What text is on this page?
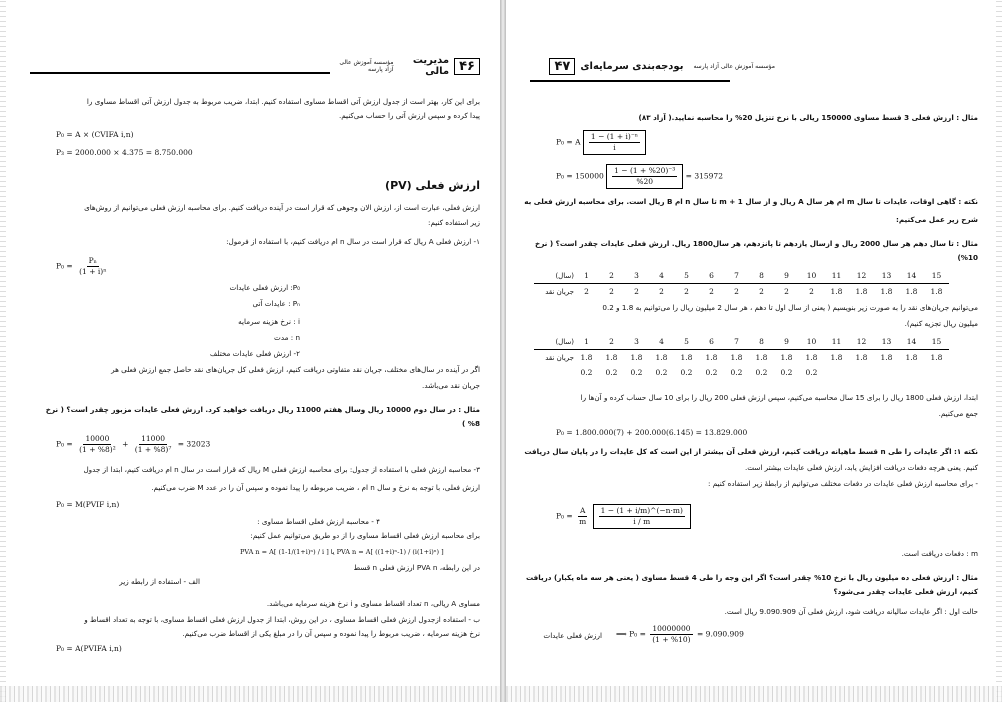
۴۶
مدیریت مالی
مؤسسه آموزش عالی آزاد پارسه
برای این کار، بهتر است از جدول ارزش آتی اقساط مساوی استفاده کنیم. ابتدا، ضریب مربوط به جدول ارزش آتی اقساط مساوی را
پیدا کرده و سپس ارزش آتی را حساب می‌کنیم.
P₀ = A × (CVIFA i,n)
P₃ = 2000.000 × 4.375 = 8.750.000
ارزش فعلی (PV)
ارزش فعلی، عبارت است از، ارزش الان وجوهی که قرار است در آینده دریافت کنیم. برای محاسبه ارزش فعلی می‌توانیم از روش‌های
زیر استفاده کنیم:
۱- ارزش فعلی A ریال که قرار است در سال n ام دریافت کنیم، با استفاده از فرمول:
$P_0 = \frac{\text{Pₙ}}{\text{(1 + i)ⁿ}}$
P₀: ارزش فعلی عایدات
Pₙ : عایدات آتی
i : نرخ هزینه سرمایه
n : مدت
۲- ارزش فعلی عایدات مختلف
اگر در آینده در سال‌های مختلف، جریان نقد متفاوتی دریافت کنیم، ارزش فعلی کل جریان‌های نقد حاصل جمع ارزش فعلی هر
جریان نقد می‌باشد.
مثال : در سال دوم 10000 ریال وسال هفتم 11000 ریال دریافت خواهید کرد. ارزش فعلی عایدات مزبور چقدر است؟ ( نرخ
%8 )
$P_0 = \frac{10000}{\text{(1 + \%8)²}} + \frac{11000}{\text{(1 + \%8)⁷}} = 32023$
۳- محاسبه ارزش فعلی با استفاده از جدول: برای محاسبه ارزش فعلی M ریال که قرار است در سال n ام دریافت کنیم، ابتدا از جدول
ارزش فعلی، با توجه به نرخ و سال n ام ، ضریب مربوطه را پیدا نموده و سپس آن را در عدد M ضرب می‌کنیم.
P₀ = M(PVIF i,n)
۴ - محاسبه ارزش فعلی اقساط مساوی :
برای محاسبه ارزش فعلی اقساط مساوی را از دو طریق می‌توانیم عمل کنیم:
در این رابطه، PVA n ارزش فعلی n قسط
PVA n = A[ (1-1/(1+i)ⁿ) / i ] یا PVA n = A[ ((1+i)ⁿ-1) / (i(1+i)ⁿ) ]
الف - استفاده از رابطه زیر
مساوی A ریالی، n تعداد اقساط مساوی و i نرخ هزینه سرمایه می‌باشد.
ب - استفاده ازجدول ارزش فعلی اقساط مساوی ، در این روش، ابتدا از جدول ارزش فعلی اقساط مساوی، با توجه به تعداد اقساط و
نرخ هزینه سرمایه ، ضریب مربوط را پیدا نموده و سپس آن را در مبلغ یکی از اقساط ضرب می‌کنیم.
P₀ = A(PVIFA i,n)
مؤسسه آموزش عالی آزاد پارسه
بودجه‌بندی سرمایه‌ای
۴۷
مثال : ارزش فعلی 3 قسط مساوی 150000 ریالی با نرخ تنزیل 20% را محاسبه نمایید.( آزاد ۸۳)
P₀ = A $\frac{\text{1 − (1 + i)⁻ⁿ}}{i}$
$P_0 = 150000 \frac{\text{1 − (1 + \%20)⁻³}}{\%20} = 315972$
نکته : گاهی اوقات، عایدات تا سال m ام هر سال A ریال و از سال m + 1 تا سال n ام B ریال است. برای محاسبه ارزش فعلی به
شرح زیر عمل می‌کنیم:
مثال : تا سال دهم هر سال 2000 ریال و ازسال یازدهم تا پانزدهم، هر سال1800 ریال. ارزش فعلی عایدات چقدر است؟ ( نرخ
%10)
(سال)	1	2	3	4	5	6	7	8	9	10	11	12	13	14	15
جریان نقد	2	2	2	2	2	2	2	2	2	2	1.8	1.8	1.8	1.8	1.8
می‌توانیم جریان‌های نقد را به صورت زیر بنویسیم ( یعنی از سال اول تا دهم ، هر سال 2 میلیون ریال را می‌توانیم به 1.8 و 0.2
میلیون ریال تجزیه کنیم).
(سال)	1	2	3	4	5	6	7	8	9	10	11	12	13	14	15
جریان نقد	1.8	1.8	1.8	1.8	1.8	1.8	1.8	1.8	1.8	1.8	1.8	1.8	1.8	1.8	1.8
	0.2	0.2	0.2	0.2	0.2	0.2	0.2	0.2	0.2	0.2					
ابتدا، ارزش فعلی 1800 ریال را برای 15 سال محاسبه می‌کنیم، سپس ارزش فعلی 200 ریال را برای 10 سال حساب کرده و آن‌ها را
جمع می‌کنیم.
P₀ = 1.800.000(7) + 200.000(6.145) = 13.829.000
نکته ۱: اگر عایدات را طی n قسط ماهیانه دریافت کنیم، ارزش فعلی آن بیشتر از این است که کل عایدات را در پایان سال دریافت
کنیم. یعنی هرچه دفعات دریافت افزایش یابد، ارزش فعلی عایدات بیشتر است.
- برای محاسبه ارزش فعلی عایدات در دفعات مختلف می‌توانیم از رابطۀ زیر استفاده کنیم :
$P_0 = \frac{A}{m}$
$\frac{1 - (1 + i/m)\^{}(-n\cdot m)}{i / m}$
m : دفعات دریافت است.
مثال : ارزش فعلی ده میلیون ریال با نرخ 10% چقدر است؟ اگر این وجه را طی 4 قسط مساوی ( یعنی هر سه ماه یکبار) دریافت
کنیم، ارزش فعلی عایدات چقدر می‌شود؟
حالت اول : اگر عایدات سالیانه دریافت شود، ارزش فعلی آن 9.090.909 ریال است.
ارزش فعلی عایدات ⟹ $P_0 = \frac{10000000}{(1 + \%10)} = 9.090.909$
